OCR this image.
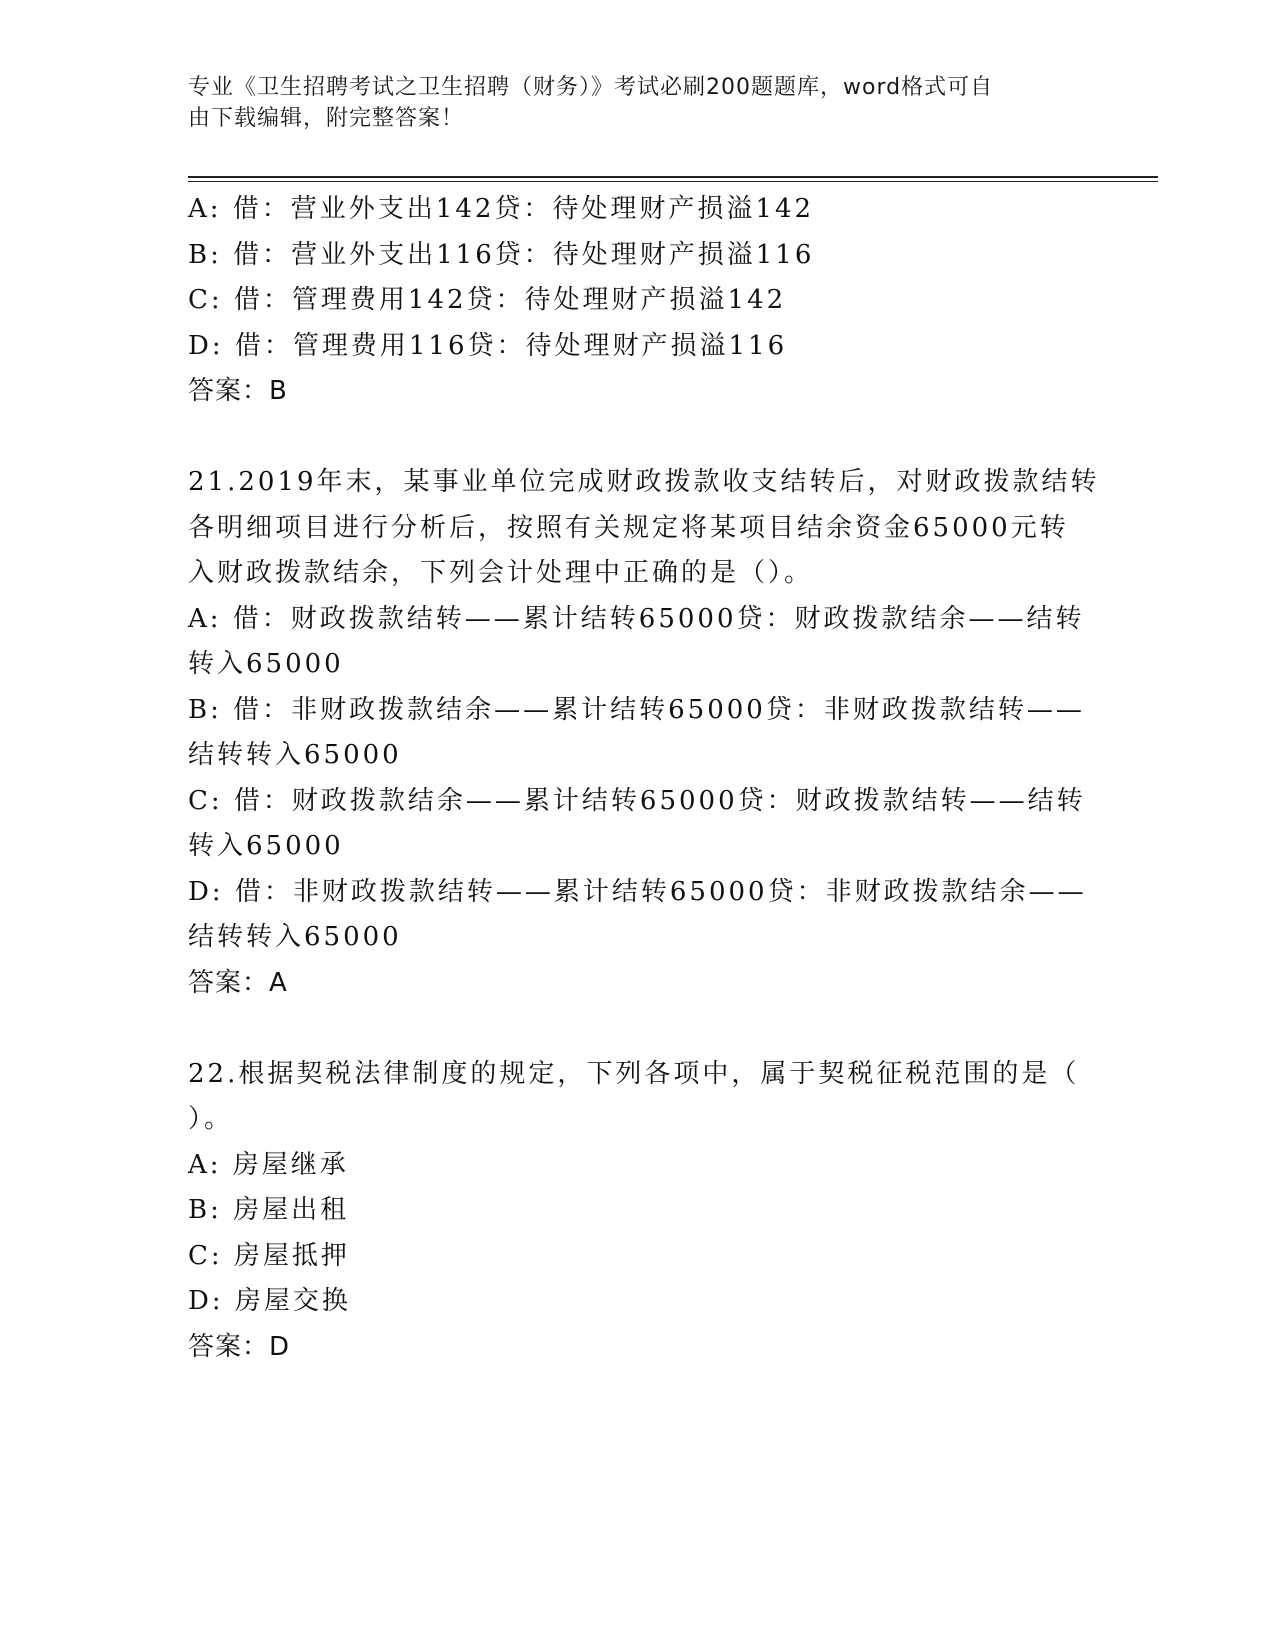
专业《卫生招聘考试之卫生招聘（财务）》考试必刷200题题库，word格式可自
由下载编辑，附完整答案！
A: 借：营业外支出142贷：待处理财产损溢142
B: 借：营业外支出116贷：待处理财产损溢116
C: 借：管理费用142贷：待处理财产损溢142
D: 借：管理费用116贷：待处理财产损溢116
答案：B
21.2019年末，某事业单位完成财政拨款收支结转后，对财政拨款结转
各明细项目进行分析后，按照有关规定将某项目结余资金65000元转
入财政拨款结余，下列会计处理中正确的是（）。
A: 借：财政拨款结转——累计结转65000贷：财政拨款结余——结转
转入65000
B: 借：非财政拨款结余——累计结转65000贷：非财政拨款结转——
结转转入65000
C: 借：财政拨款结余——累计结转65000贷：财政拨款结转——结转
转入65000
D: 借：非财政拨款结转——累计结转65000贷：非财政拨款结余——
结转转入65000
答案：A
22.根据契税法律制度的规定，下列各项中，属于契税征税范围的是（
）。
A: 房屋继承
B: 房屋出租
C: 房屋抵押
D: 房屋交换
答案：D
